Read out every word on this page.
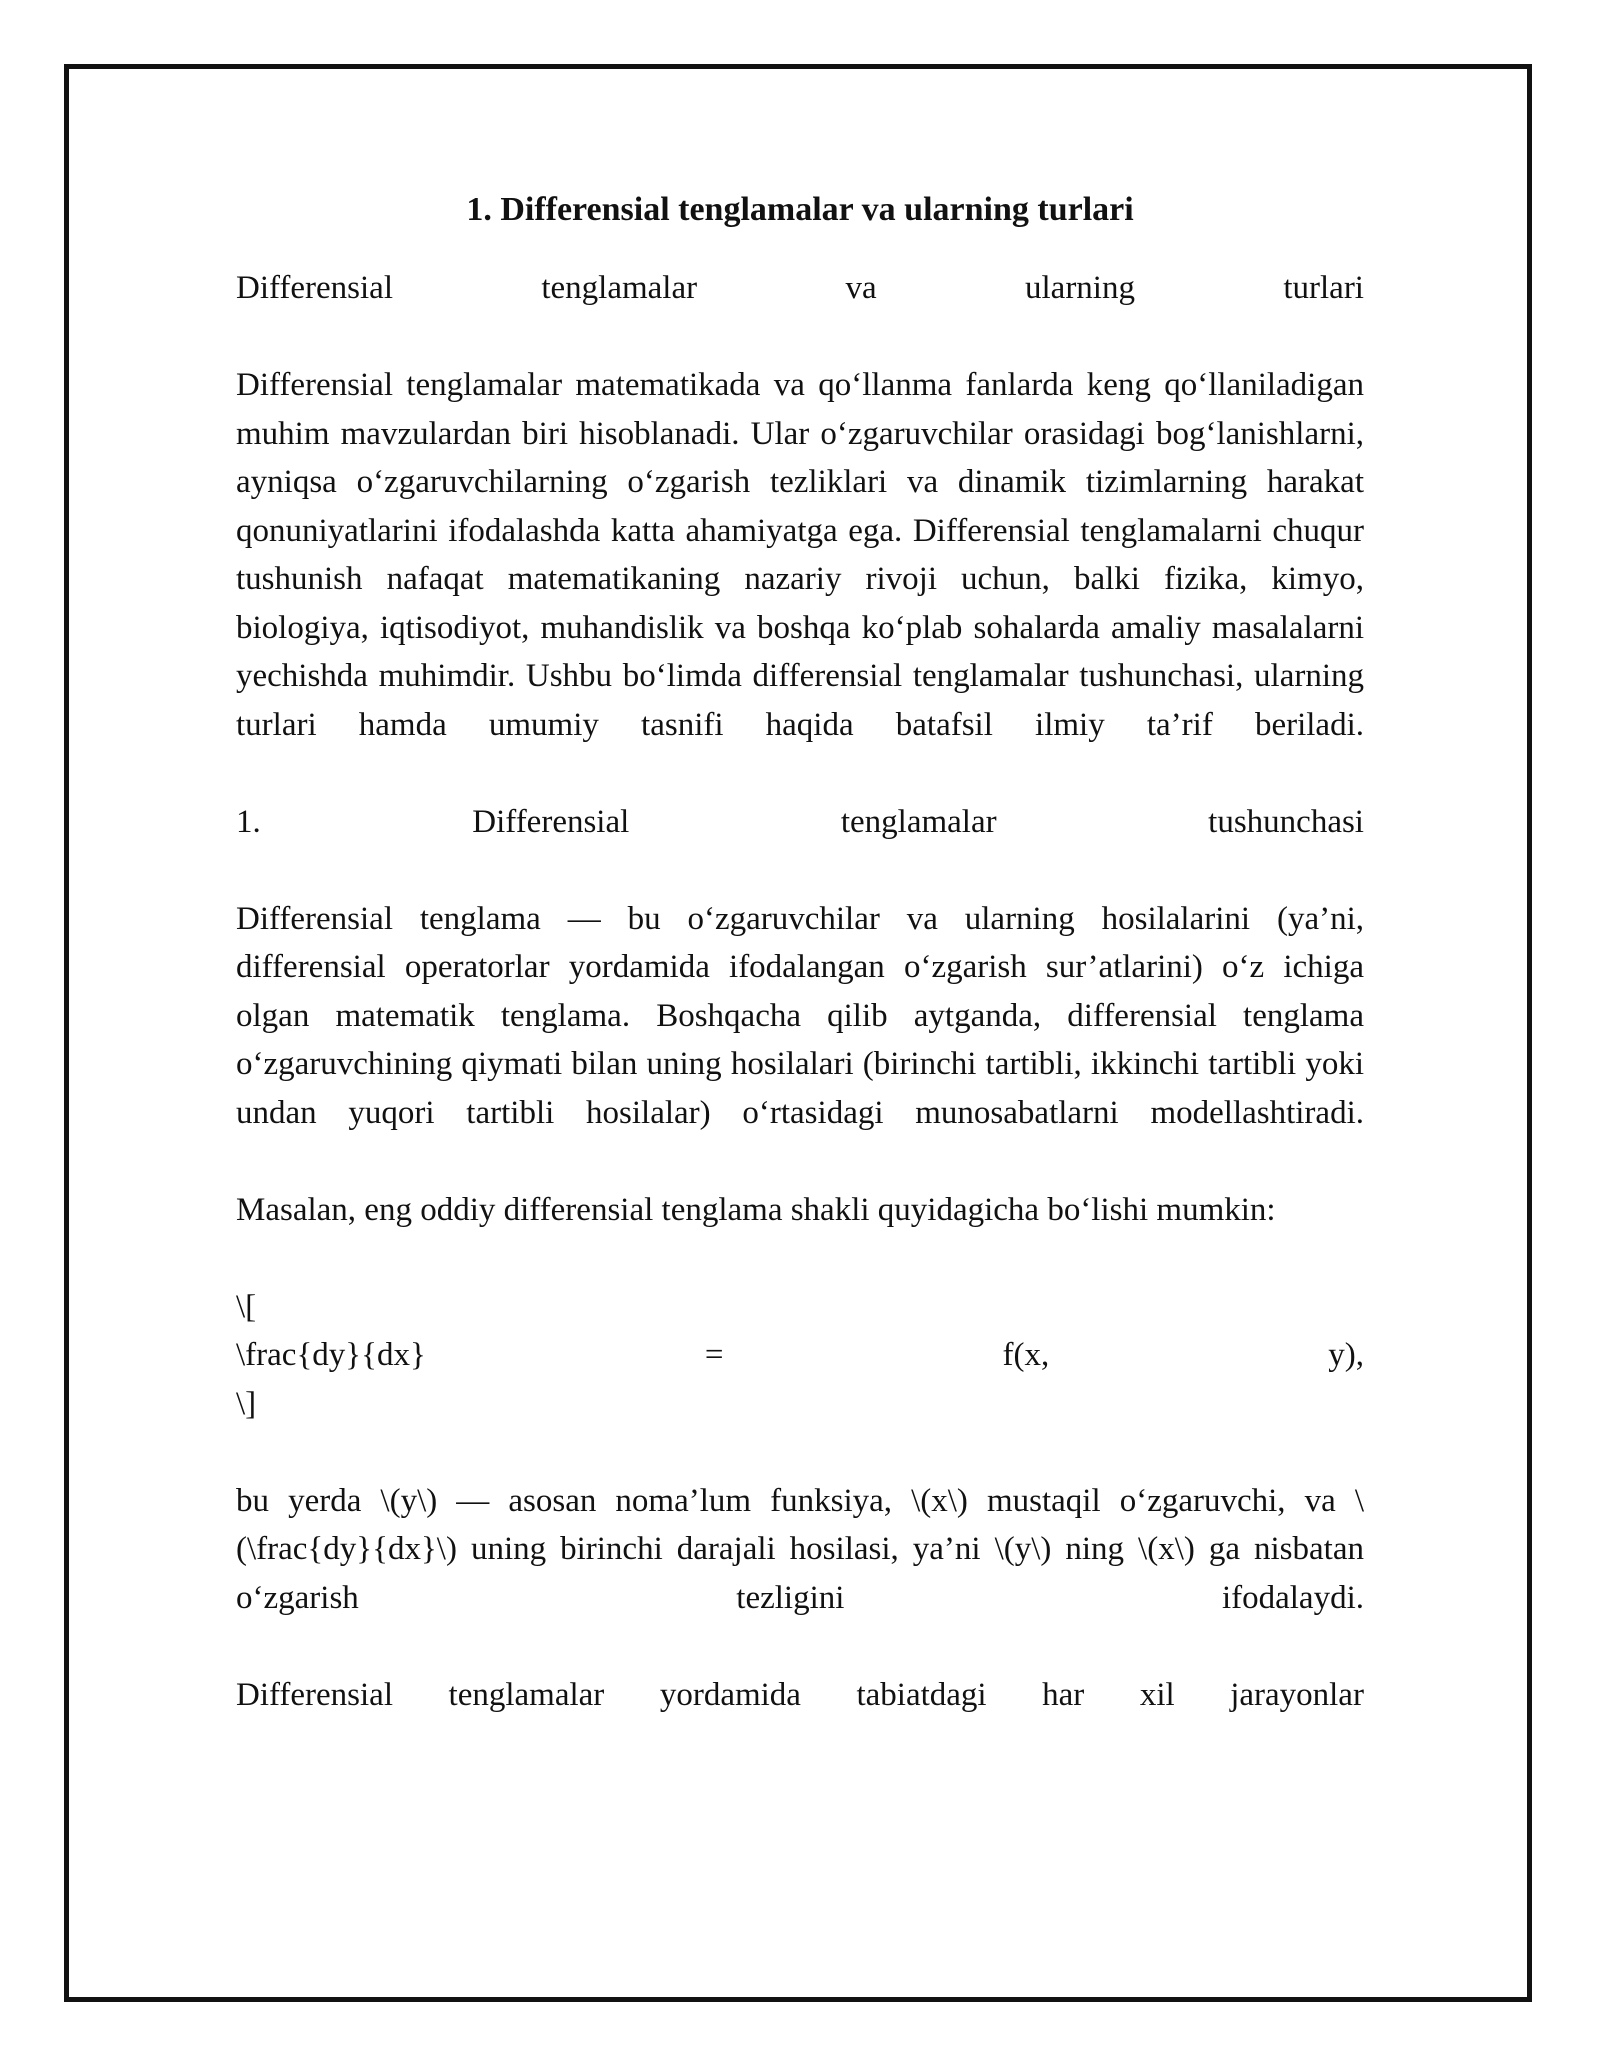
1. Differensial tenglamalar va ularning turlari
Differensial	tenglamalar	va	ularning	turlari

Differensial tenglamalar matematikada va qo‘llanma fanlarda keng qo‘llaniladigan muhim mavzulardan biri hisoblanadi. Ular o‘zgaruvchilar orasidagi bog‘lanishlarni, ayniqsa o‘zgaruvchilarning o‘zgarish tezliklari va dinamik tizimlarning harakat qonuniyatlarini ifodalashda katta ahamiyatga ega. Differensial tenglamalarni chuqur tushunish nafaqat matematikaning nazariy rivoji uchun, balki fizika, kimyo, biologiya, iqtisodiyot, muhandislik va boshqa ko‘plab sohalarda amaliy masalalarni yechishda muhimdir. Ushbu bo‘limda differensial tenglamalar tushunchasi, ularning turlari hamda umumiy tasnifi haqida batafsil ilmiy ta’rif beriladi.

1.	Differensial	tenglamalar	tushunchasi

Differensial tenglama — bu o‘zgaruvchilar va ularning hosilalarini (ya’ni, differensial operatorlar yordamida ifodalangan o‘zgarish sur’atlarini) o‘z ichiga olgan matematik tenglama. Boshqacha qilib aytganda, differensial tenglama o‘zgaruvchining qiymati bilan uning hosilalari (birinchi tartibli, ikkinchi tartibli yoki undan yuqori tartibli hosilalar) o‘rtasidagi munosabatlarni modellashtiradi.

Masalan, eng oddiy differensial tenglama shakli quyidagicha bo‘lishi mumkin:

\[
\frac{dy}{dx}	=	f(x,	y),
\]

bu yerda \(y\) — asosan noma’lum funksiya, \(x\) mustaqil o‘zgaruvchi, va \(\frac{dy}{dx}\) uning birinchi darajali hosilasi, ya’ni \(y\) ning \(x\) ga nisbatan o‘zgarish tezligini ifodalaydi.

Differensial tenglamalar yordamida tabiatdagi har xil jarayonlar
